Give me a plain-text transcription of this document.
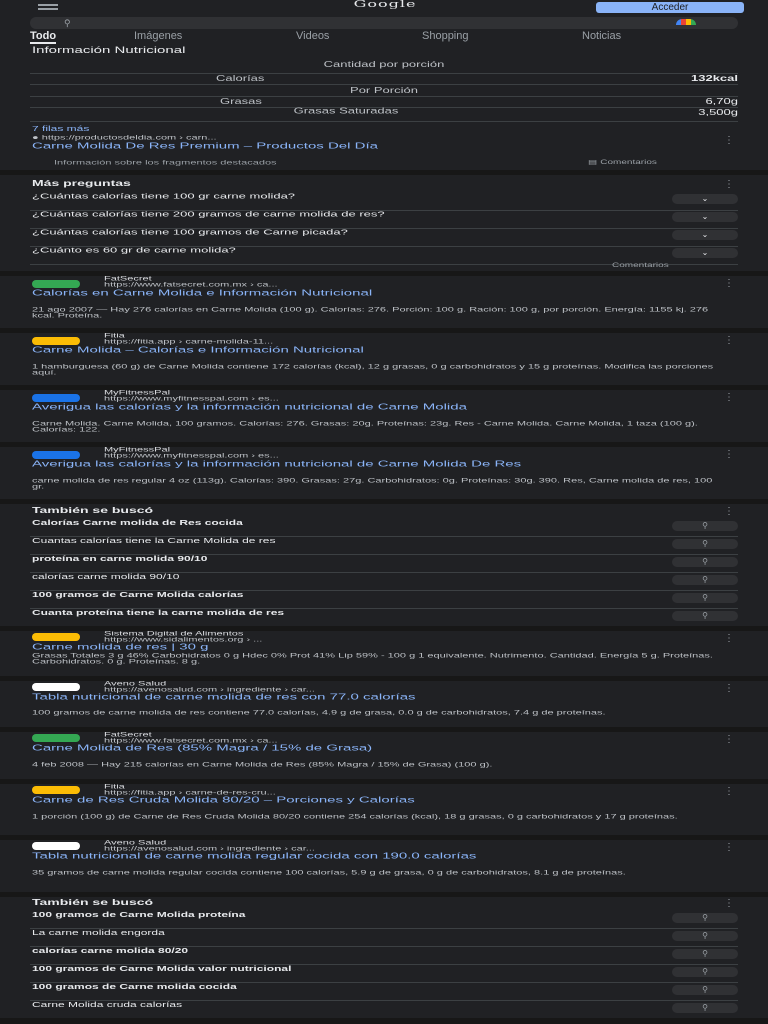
Google	Acceder
⚲
Todo	Imágenes	Videos	Shopping	Noticias
Información Nutricional
Cantidad por porción
Calorías	132kcal
Por Porción
Grasas	6,70g
Grasas Saturadas	3,500g
7 filas más
● https://productosdeldia.com › carn...	⋮
Carne Molida De Res Premium – Productos Del Día
Información sobre los fragmentos destacados	▤ Comentarios
Más preguntas	⋮
¿Cuántas calorías tiene 100 gr carne molida?	⌄
¿Cuántas calorías tiene 200 gramos de carne molida de res?	⌄
¿Cuántas calorías tiene 100 gramos de Carne picada?	⌄
¿Cuánto es 60 gr de carne molida?	⌄
Comentarios
FatSecret
https://www.fatsecret.com.mx › ca...	⋮
Calorías en Carne Molida e Información Nutricional
21 ago 2007 — Hay 276 calorías en Carne Molida (100 g). Calorías: 276. Porción: 100 g. Ración: 100 g, por porción. Energía: 1155 kj. 276 kcal. Proteína.
Fitia
https://fitia.app › carne-molida-11...	⋮
Carne Molida – Calorías e Información Nutricional
1 hamburguesa (60 g) de Carne Molida contiene 172 calorías (kcal), 12 g grasas, 0 g carbohidratos y 15 g proteínas. Modifica las porciones aquí.
MyFitnessPal
https://www.myfitnesspal.com › es...	⋮
Averigua las calorías y la información nutricional de Carne Molida
Carne Molida. Carne Molida, 100 gramos. Calorías: 276. Grasas: 20g. Proteínas: 23g. Res - Carne Molida. Carne Molida, 1 taza (100 g). Calorías: 122.
MyFitnessPal
https://www.myfitnesspal.com › es...	⋮
Averigua las calorías y la información nutricional de Carne Molida De Res
carne molida de res regular 4 oz (113g). Calorías: 390. Grasas: 27g. Carbohidratos: 0g. Proteínas: 30g. 390. Res, Carne molida de res, 100 gr.
También se buscó	⋮
Calorías Carne molida de Res cocida	⚲
Cuantas calorías tiene la Carne Molida de res	⚲
proteína en carne molida 90/10	⚲
calorías carne molida 90/10	⚲
100 gramos de Carne Molida calorías	⚲
Cuanta proteína tiene la carne molida de res	⚲
Sistema Digital de Alimentos
https://www.sidalimentos.org › ...	⋮
Carne molida de res | 30 g
Grasas Totales 3 g 46% Carbohidratos 0 g Hdec 0% Prot 41% Lip 59% - 100 g 1 equivalente. Nutrimento. Cantidad. Energía 5 g. Proteínas. Carbohidratos. 0 g. Proteínas. 8 g.
Aveno Salud
https://avenosalud.com › ingrediente › car...	⋮
Tabla nutricional de carne molida de res con 77.0 calorías
100 gramos de carne molida de res contiene 77.0 calorías, 4.9 g de grasa, 0.0 g de carbohidratos, 7.4 g de proteínas.
FatSecret
https://www.fatsecret.com.mx › ca...	⋮
Carne Molida de Res (85% Magra / 15% de Grasa)
4 feb 2008 — Hay 215 calorías en Carne Molida de Res (85% Magra / 15% de Grasa) (100 g).
Fitia
https://fitia.app › carne-de-res-cru...	⋮
Carne de Res Cruda Molida 80/20 – Porciones y Calorías
1 porción (100 g) de Carne de Res Cruda Molida 80/20 contiene 254 calorías (kcal), 18 g grasas, 0 g carbohidratos y 17 g proteínas.
Aveno Salud
https://avenosalud.com › ingrediente › car...	⋮
Tabla nutricional de carne molida regular cocida con 190.0 calorías
35 gramos de carne molida regular cocida contiene 100 calorías, 5.9 g de grasa, 0 g de carbohidratos, 8.1 g de proteínas.
También se buscó	⋮
100 gramos de Carne Molida proteína	⚲
La carne molida engorda	⚲
calorías carne molida 80/20	⚲
100 gramos de Carne Molida valor nutricional	⚲
100 gramos de Carne molida cocida	⚲
Carne Molida cruda calorías	⚲
